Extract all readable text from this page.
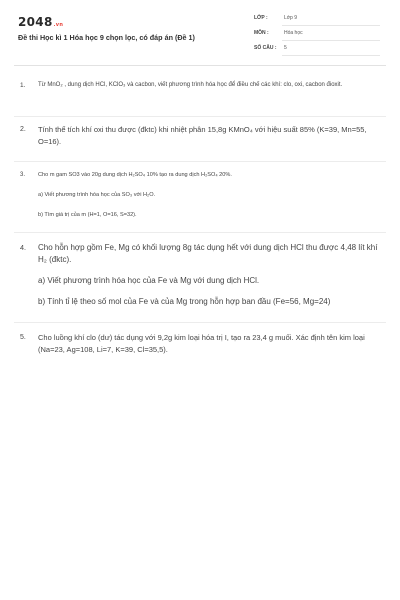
2048.vn
Đề thi Học kì 1 Hóa học 9 chọn lọc, có đáp án (Đề 1)
LỚP :	Lớp 9
MÔN :	Hóa học
SỐ CÂU : 5
1. Từ MnO₂ , dung dịch HCl, KClO₃ và cacbon, viết phương trình hóa học để điều chế các khí: clo, oxi, cacbon đioxit.
2. Tính thể tích khí oxi thu được (đktc) khi nhiệt phân 15,8g KMnO₄ với hiệu suất 85% (K=39, Mn=55, O=16).
3. Cho m gam SO3 vào 20g dung dịch H₂SO₄ 10% tạo ra dung dịch H₂SO₄ 20%.
a) Viết phương trình hóa học của SO₃ với H₂O.
b) Tìm giá trị của m (H=1, O=16, S=32).
4. Cho hỗn hợp gồm Fe, Mg có khối lượng 8g tác dụng hết với dung dịch HCl thu được 4,48 lít khí H₂ (đktc).
a) Viết phương trình hóa học của Fe và Mg với dung dịch HCl.
b) Tính tỉ lệ theo số mol của Fe và của Mg trong hỗn hợp ban đầu (Fe=56, Mg=24)
5. Cho luồng khí clo (dư) tác dụng với 9,2g kim loại hóa trị I, tạo ra 23,4 g muối. Xác định tên kim loại (Na=23, Ag=108, Li=7, K=39, Cl=35,5).
